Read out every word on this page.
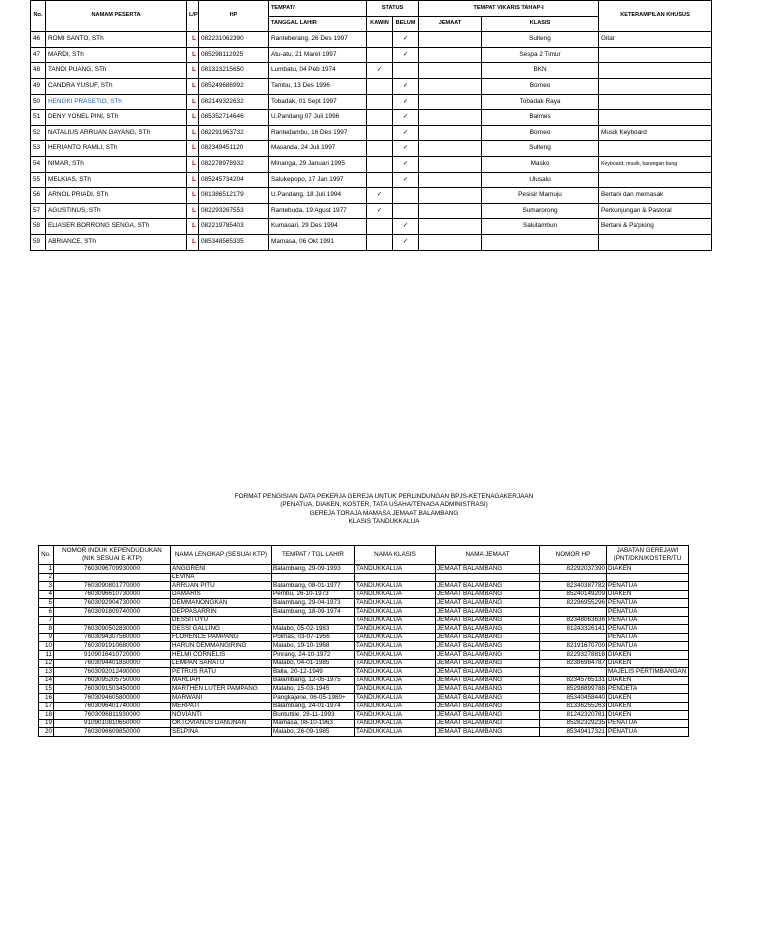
No.	NAMAM PESERTA	L/P	HP	TEMPAT/	STATUS		TEMPAT VIKARIS TAHAP-I		KETERAMPILAN KHUSUS
				TANGGAL LAHIR	KAWIN	BELUM	JEMAAT	KLASIS	
46	ROMI SANTO, STh	L	082231062390	Ranteberang, 26 Des 1997		✓		Sulteng	Gitar
47	MARDI, STh	L	085298112925	Atu-atu, 21 Maret 1997		✓		Sespa 2 Timur	
48	TANDI PUANG, STh	L	081313215650	Lumbatu, 04 Peb 1974	✓			BKN	
49	CANDRA YUSUF, STh	L	085249686992	Tambu, 13 Des 1996		✓		Borneo	
50	HENGKI PRASETIO, STh	L	082149322632	Tobadak, 01 Sept 1997		✓		Tobadak Raya	
51	DENY YONEL PINI, STh	L	085352714646	U.Pandang 07 Juli 1996		✓		Balmes	
52	NATALIUS ARRUAN GAYANG, STh	L	082291963732	Rantedambu, 16 Des 1997		✓		Borneo	Musik Keyboard
53	HERIANTO RAMLI, STh	L	082349451120	Masanda, 24 Juli 1997		✓		Sulteng	
54	NIMAR, STh	L	082278978932	Minanga, 29 Januari 1995		✓		Masko	Keyboard, musik, karangan bung
55	MELKIAS, STh	L	085245734204	Salukepopo, 17 Jan 1997		✓		Ulusalu	
56	ARNOL PRIADI, STh	L	081386512179	U.Pandang, 18 Juli 1994	✓			Pesisir Mamuju	Bertani dan memasak
57	AGUSTINUS, STh	L	082293267553	Rantebuda, 19 Agust 1977	✓			Sumarorong	Perkunjungan & Pastoral
58	ELIASER BORRONG SENGA, STh	L	082219785403	Kumasari, 29 Des 1994		✓		Salutambun	Bertani & Pa'piong
59	ABRIANCE, STh	L	085348565335	Mamasa, 06 Okt 1991		✓			
FORMAT PENGISIAN DATA PEKERJA GEREJA UNTUK PERLINDUNGAN BPJS-KETENAGAKERJAAN
(PENATUA, DIAKEN, KOSTER, TATA USAHA/TENAGA ADMINISTRASI)
GEREJA TORAJA MAMASA JEMAAT BALAMBANG
KLASIS TANDUKKALUA
No.	NOMOR INDUK KEPENDUDUKAN (NIK SESUAI E-KTP)	NAMA LENGKAP (SESUAI KTP)	TEMPAT / TGL LAHIR	NAMA KLASIS	NAMA JEMAAT	NOMOR HP	JABATAN GEREJAWI (PNT/DKN/KOSTER/TU
1	7603096709930000	ANGGRENI	Balambang, 29-09-1993	TANDUKKALUA	JEMAAT BALAMBANG	82292037390	DIAKEN
2		LEVINA					
3	7603090801770000	ARRUAN PITU	Balambang, 08-01-1977	TANDUKKALUA	JEMAAT BALAMBANG	82340387782	PENATUA
4	7603096610730000	DAMARIS	Pembu, 26-10-1973	TANDUKKALUA	JEMAAT BALAMBANG	85240149209	DIAKEN
5	7603092904730000	DEMMANONGKAN	Balambang, 29-04-1973	TANDUKKALUA	JEMAAT BALAMBANG	82296955296	PENATUA
6	7603091809740000	DEPPASARRIN	Balambang, 18-09-1974	TANDUKKALUA	JEMAAT BALAMBANG		PENATUA
7		DESSITUYU		TANDUKKALUA	JEMAAT BALAMBANG	82348063636	PENATUA
8	7603090502830000	DESSI GALLING	Malabo, 05-02-1983	TANDUKKALUA	JEMAAT BALAMBANG	81243326141	PENATUA
9	7603094307560000	FLORENCE PAMPANG	Polmas, 03-07-1956	TANDUKKALUA	JEMAAT BALAMBANG		PENATUA
10	7603091910680000	HARUN DEMMANGIRING	Malabo, 19-10-1968	TANDUKKALUA	JEMAAT BALAMBANG	82191670700	PENATUA
11	9109016410720000	HELMI CORNELIS	Pinrang, 24-10-1972	TANDUKKALUA	JEMAAT BALAMBANG	82293278818	DIAKEN
12	7603094401850000	LEMPAN SARATU	Malabo, 04-01-1985	TANDUKKALUA	JEMAAT BALAMBANG	82386984787	DIAKEN
13	7603092012490000	PETRUS RATU	Balla, 20-12-1949	TANDUKKALUA	JEMAAT BALAMBANG		MAJELIS PERTIMBANGAN
14	7603095205750000	MARLIAH	Balambang, 12-05-1975	TANDUKKALUA	JEMAAT BALAMBANG	82345765131	DIAKEN
15	7603091503450000	MARTHEN LUTER PAMPANG	Malabo, 15-03-1945	TANDUKKALUA	JEMAAT BALAMBANG	85298899788	PENDETA
16	7603094605800000	MARWANI	Pangkajene, 06-05-1980+	TANDUKKALUA	JEMAAT BALAMBANG	85340458440	DIAKEN
17	7603096401740000	MERPATI	Balambang, 24-01-1974	TANDUKKALUA	JEMAAT BALAMBANG	81336255263	DIAKEN
18	7603096811930000	NOVIANTI	Buntuttile, 28-11-1993	TANDUKKALUA	JEMAAT BALAMBANG	81242320781	DIAKEN
19	9109010810650000	OKTOVIANUS DANUNAN	Mamasa, 08-10-1963	TANDUKKALUA	JEMAAT BALAMBANG	85282329235	PENATUA
20	7603096609850000	SELPINA	Malabo, 26-09-1985	TANDUKKALUA	JEMAAT BALAMBANG	85349417321	PENATUA
